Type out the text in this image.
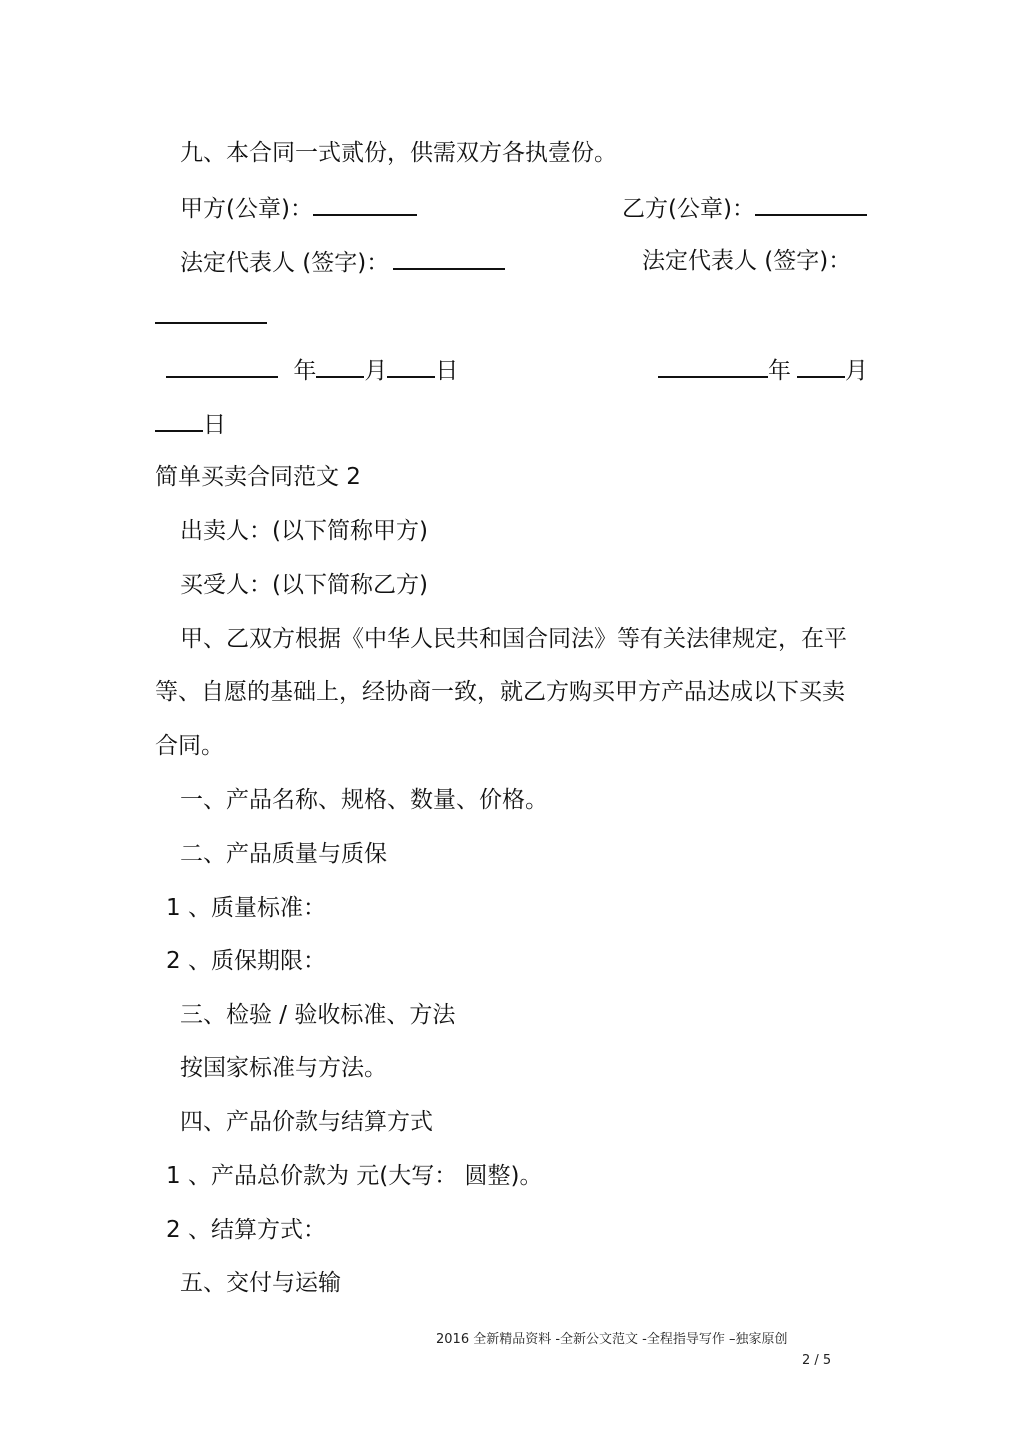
九、本合同一式贰份，供需双方各执壹份。
甲方(公章)：	乙方(公章)：
法定代表人 (签字)：	法定代表人 (签字)：
年 月 日	年 月
日
简单买卖合同范文 2
出卖人：(以下简称甲方)
买受人：(以下简称乙方)
甲、乙双方根据《中华人民共和国合同法》等有关法律规定，在平
等、自愿的基础上，经协商一致，就乙方购买甲方产品达成以下买卖
合同。
一、产品名称、规格、数量、价格。
二、产品质量与质保
1 、质量标准：
2 、质保期限：
三、检验 / 验收标准、方法
按国家标准与方法。
四、产品价款与结算方式
1 、产品总价款为 元(大写： 圆整)。
2 、结算方式：
五、交付与运输
2016 全新精品资料 -全新公文范文 -全程指导写作 –独家原创
2 / 5
